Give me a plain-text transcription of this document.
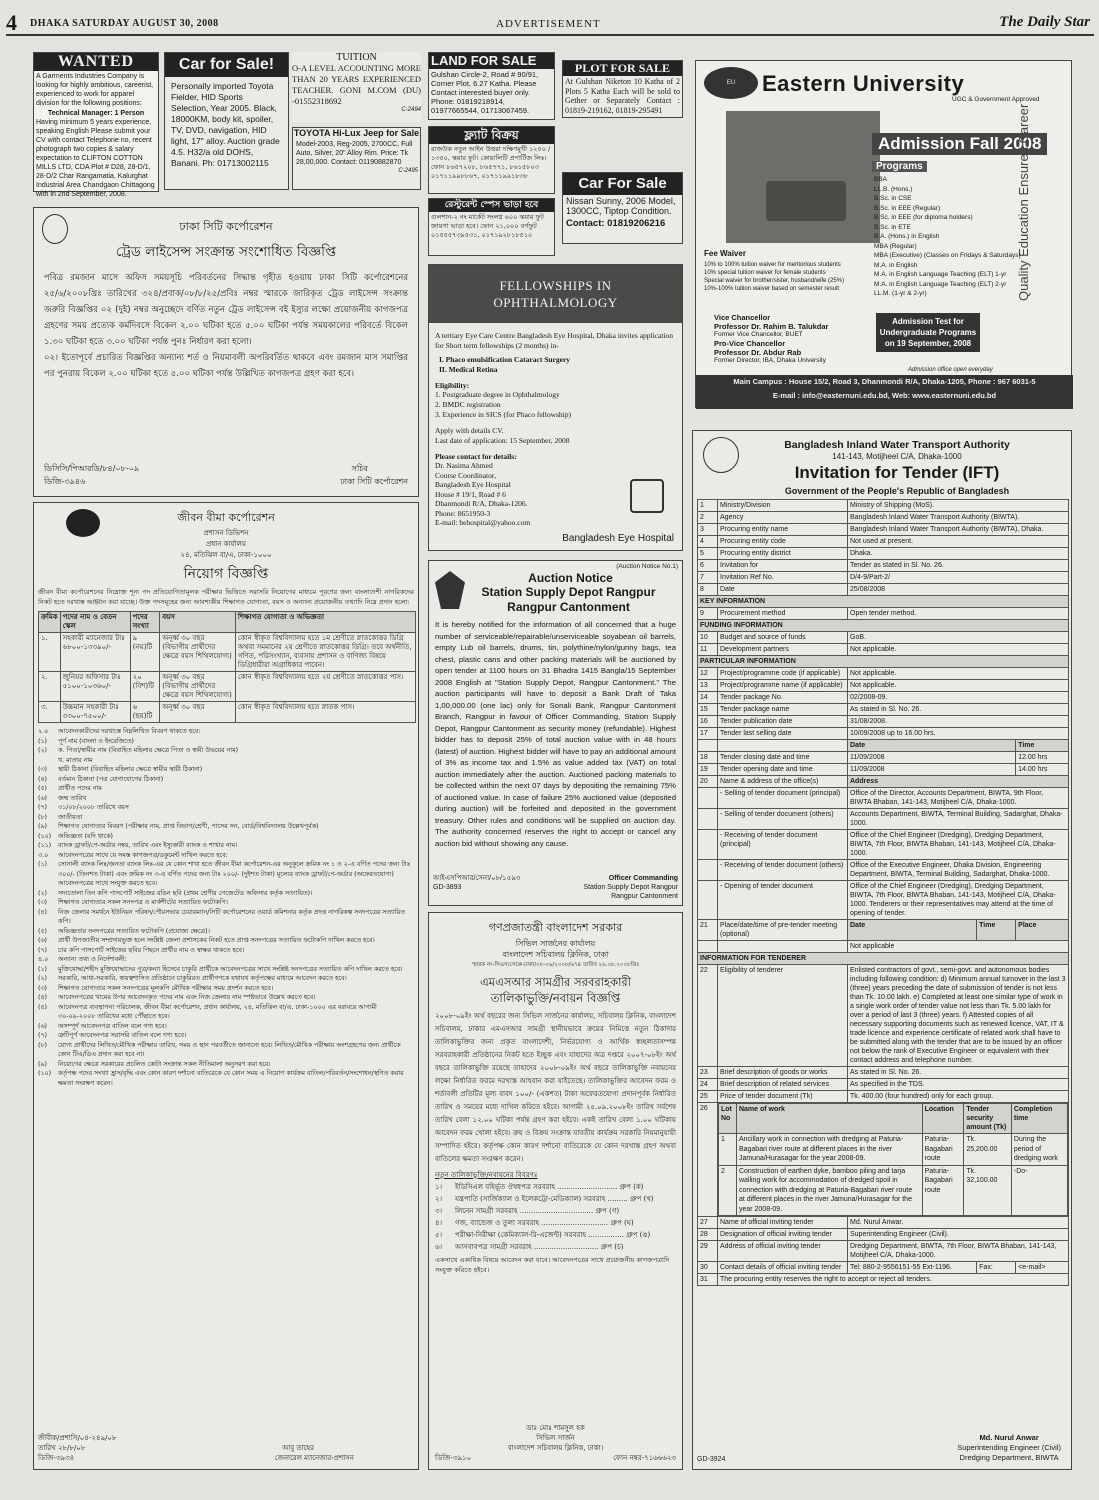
4 DHAKA SATURDAY AUGUST 30, 2008	ADVERTISEMENT	The Daily Star
WANTED
A Garments Industries Company is looking for highly ambitious, careerist, experienced to work for apparel division for the following positions:
Technical Manager: 1 Person
Having minimum 5 years experience, speaking English Please submit your CV with contact Telephone no, recent photograph two copies & salary expectation to CLIFTON COTTON MILLS LTD, CDA Plot # D28, 28-D/1, 28-D/2 Char Rangamatia, Kalurghat Industrial Area Chandgaon Chittagong with in 2nd September, 2008.
Car for Sale!
Personally imported Toyota Fielder, HID Sports Selection, Year 2005. Black, 18000KM, body kit, spoiler, TV, DVD, navigation, HID light, 17" alloy. Auction grade 4.5. H32/a old DOHS, Banani. Ph: 01713002115
TUITION
O-A LEVEL ACCOUNTING MORE THAN 20 YEARS EXPERIENCED TEACHER. GONI M.COM (DU) -01552318692
C-2494
TOYOTA Hi-Lux Jeep for Sale
Model-2003, Reg-2005, 2700CC, Full Auto, Silver, 20" Alloy Rim. Price: Tk 28,00,000. Contact: 01190882870
C-2495
LAND FOR SALE
Gulshan Circle-2, Road # 90/91, Corner Plot, 6.27 Katha. Please Contact interested buyer only. Phone: 01819218914, 01977665544, 01713067459.
PLOT FOR SALE
At Gulshan Niketon 10 Katha of 2 Plots 5 Katha Each will be sold to Gether or Separately Contact : 01819-219162, 01819-295491
ফ্ল্যাট বিক্রয়
রাজউক নতুন আইন উত্তরা দক্ষিণমুখী ১২৫০ / ১৩৫০, স্কয়ার ফুট। কোয়ালিটি প্রপার্টিজ লিঃ। ফোন ৮৬৫৭২০৮, ৮৬৫৭৭১, ৮৬১৫৮০৩ ০১৭১১৯৯৮৮৬৭, ০১৭১১৯৯১৮৩৮
রেস্টুরেন্ট স্পেস ভাড়া হবে
গুলশান-২ নং মার্কেট সংলগ্ন ৬০০ স্কয়ার ফুট জায়গা ভাড়া হবে। ফোন ২১,০০০ বর্গফুট ০১৫৫৫৭৩৯৫৩১, ০১৭১৯২৮১৮৫১০
Car For Sale
Nissan Sunny, 2006 Model, 1300CC, Tiptop Condition.
Contact: 01819206216
EU	Eastern University
UGC & Government Approved
Admission Fall 2008
Quality Education Ensured Career
Programs
BBA
LL.B. (Hons.)
B.Sc. in CSE
B.Sc. in EEE (Regular)
B.Sc. in EEE (for diploma holders)
B.Sc. in ETE
B.A. (Hons.) in English
MBA (Regular)
MBA (Executive) (Classes on Fridays & Saturdays)
M.A. in English
M.A. in English Language Teaching (ELT) 1-yr
M.A. in English Language Teaching (ELT) 2-yr
LL.M. (1-yr & 2-yr)
Fee Waiver
10% to 100% tuition waiver for meritorious students
10% special tuition waiver for female students
Special waiver for brother/sister, husband/wife (25%)
10%-100% tuition waiver based on semester result
Vice Chancellor
Professor Dr. Rahim B. Talukdar
Former Vice Chancellor, BUET
Pro-Vice Chancellor
Professor Dr. Abdur Rab
Former Director, IBA, Dhaka University
Admission Test for Undergraduate Programs on 19 September, 2008
Admission office open everyday
Main Campus : House 15/2, Road 3, Dhanmondi R/A, Dhaka-1205, Phone : 967 6031-5
E-mail : info@easternuni.edu.bd, Web: www.easternuni.edu.bd
ঢাকা সিটি কর্পোরেশন
ট্রেড লাইসেন্স সংক্রান্ত সংশোধিত বিজ্ঞপ্তি
পবিত্র রমজান মাসে অফিস সময়সূচি পরিবর্তনের সিদ্ধান্ত গৃহীত হওয়ায় ঢাকা সিটি কর্পোরেশনের ২৫/৬/২০০৮খ্রিঃ তারিখের ৩২৪/প্রবাক/০৮/৮/২৫/প্রবিঃ নম্বর স্মারকে জারিকৃত ট্রেড লাইসেন্স সংক্রান্ত জরুরি বিজ্ঞপ্তির ০২ (দুই) নম্বর অনুচ্ছেদে বর্ণিত নতুন ট্রেড লাইসেন্স বই ইস্যুর লক্ষ্যে প্রয়োজনীয় কাগজপত্র গ্রহণের সময় প্রত্যেক কর্মদিবসে বিকেল ২.০০ ঘটিকা হতে ৫.০০ ঘটিকা পর্যন্ত সময়কালের পরিবর্তে বিকেল ১.৩০ ঘটিকা হতে ৩.০০ ঘটিকা পর্যন্ত পুনঃ নির্ধারণ করা হলো।
০২। ইতোপূর্বে প্রচারিত বিজ্ঞপ্তির অন্যান্য শর্ত ও নিয়মাবলী অপরিবর্তিত থাকবে এবং রমজান মাস সমাপ্তির পর পুনরায় বিকেল ২.০০ ঘটিকা হতে ৫.০০ ঘটিকা পর্যন্ত উল্লিখিত কাগজপত্র গ্রহণ করা হবে।
ডিসিসি/পিআরডি/৮৪/০৮-০৯	সচিব
ডিজি-৩৯৪৬	ঢাকা সিটি কর্পোরেশন
জীবন বীমা কর্পোরেশন
প্রশাসন ডিভিশন
প্রধান কার্যালয়
২৪, মতিঝিল বা/এ, ঢাকা-১০০০
নিয়োগ বিজ্ঞপ্তি
জীবন বীমা কর্পোরেশনের নিম্নোক্ত শূন্য পদ প্রতিযোগিতামূলক পরীক্ষার ভিত্তিতে সরাসরি নিয়োগের মাধ্যমে পূরণের জন্য বাংলাদেশী নাগরিকদের নিকট হতে দরখাস্ত আহ্বান করা যাচ্ছে। উক্ত পদসমূহের জন্য আবশ্যকীয় শিক্ষাগত যোগ্যতা, বয়স ও অন্যান্য প্রয়োজনীয় তথ্যাদি নিম্নে প্রদান হলো:
ক্রমিক	পদের নাম ও বেতন স্কেল	পদের সংখ্যা	বয়স	শিক্ষাগত যোগ্যতা ও অভিজ্ঞতা
১.	সহকারী ম্যানেজার টাঃ ৬৮০০-১৩৩৯০/-	৯ (নয়)টি	অনূর্ধ্ব ৩০ বছর (বিভাগীয় প্রার্থীদের ক্ষেত্রে বয়স শিথিলযোগ্য)	কোন স্বীকৃত বিশ্ববিদ্যালয় হতে ১ম শ্রেণীতে স্নাতকোত্তর ডিগ্রি অথবা সমমানের ২য় শ্রেণীতে স্নাতকোত্তর ডিগ্রি। তবে অর্থনীতি, গণিত, পরিসংখ্যান, ব্যবসায় প্রশাসন ও বাণিজ্য বিষয়ে ডিগ্রিধারীরা অগ্রাধিকার পাবেন।
২.	জুনিয়র অফিসার টাঃ ৫১০০-১০৩৬০/-	২০ (বিশ)টি	অনূর্ধ্ব ৩০ বছর (বিভাগীয় প্রার্থীদের ক্ষেত্রে বয়স শিথিলযোগ্য)	কোন স্বীকৃত বিশ্ববিদ্যালয় হতে ২য় শ্রেণীতে স্নাতকোত্তর পাস।
৩.	উচ্চমান সহকারী টাঃ ৩৩০০-৭৫০০/-	৬ (ছয়)টি	অনূর্ধ্ব ৩০ বছর	কোন স্বীকৃত বিশ্ববিদ্যালয় হতে স্নাতক পাস।
২.০	আবেদনকারীদের দরখাস্তে নিম্নলিখিত বিবরণ থাকতে হবে:
(১)	পূর্ণ নাম (বাংলা ও ইংরেজিতে)
(২)	ক. পিতা/স্বামীর নাম (বিবাহিত মহিলার ক্ষেত্রে পিতা ও স্বামী উভয়ের নাম)
খ. মাতার নাম
(৩)	স্থায়ী ঠিকানা (বিবাহিত মহিলার ক্ষেত্রে স্বামীর স্থায়ী ঠিকানা)
(৪)	বর্তমান ঠিকানা (পত্র যোগাযোগের ঠিকানা)
(৫)	প্রার্থীত পদের নাম
(৬)	জন্ম তারিখ
(৭)	৩১/০৮/২০০৮ তারিখে বয়স
(৮)	জাতীয়তা
(৯)	শিক্ষাগত যোগ্যতার বিবরণ (পরীক্ষার নাম, প্রাপ্ত বিভাগ/শ্রেণী, পাসের সন, বোর্ড/বিশ্ববিদ্যালয় উল্লেখপূর্বক)
(১০)	অভিজ্ঞতা (যদি থাকে)
(১১)	ব্যাংক ড্রাফট/পে-অর্ডার নম্বর, তারিখ এবং ইস্যুকারী ব্যাংক ও শাখার নাম।
৩.০	আবেদনপত্রের সাথে যে সমস্ত কাগজপত্র/ডকুমেন্ট দাখিল করতে হবে:
(১)	সোনালী ব্যাংক লিঃ/জনতা ব্যাংক লিঃ-এর যে কোন শাখা হতে জীবন বীমা কর্পোরেশন-এর অনুকূলে ক্রমিক নং ১ ও ২-এ বর্ণিত পদের জন্য টাঃ ৩০০/- (তিনশত টাকা) এবং ক্রমিক নং ৩-এ বর্ণিত পদের জন্য টাঃ ২০০/- (দুইশত টাকা) মূল্যের ব্যাংক ড্রাফট/পে-অর্ডার (অফেরতযোগ্য) আবেদনপত্রের সাথে সংযুক্ত করতে হবে।
(২)	সদ্যতোলা তিন কপি পাসপোর্ট সাইজের রঙিন ছবি (প্রথম শ্রেণীর গেজেটেড অফিসার কর্তৃক সত্যায়িত)।
(৩)	শিক্ষাগত যোগ্যতার সকল সনদপত্র ও মার্কশীটের সত্যায়িত ফটোকপি।
(৪)	নিজ জেলার সমর্থনে ইউনিয়ন পরিষদ/পৌরসভার চেয়ারম্যান/সিটি কর্পোরেশনের ওয়ার্ড কমিশনার কর্তৃক প্রদত্ত নাগরিকত্ব সনদপত্রের সত্যায়িত কপি।
(৫)	অভিজ্ঞতার সনদপত্রের সত্যায়িত ফটোকপি (প্রযোজ্য ক্ষেত্রে)।
(৬)	প্রার্থী উপজাতীয় সম্প্রদায়ভুক্ত হলে সংশ্লিষ্ট জেলা প্রশাসকের নিকট হতে প্রাপ্ত সনদপত্রের সত্যায়িত ফটোকপি দাখিল করতে হবে।
(৭)	চার কপি পাসপোর্ট সাইজের ছবির পিছনে প্রার্থীর নাম ও স্বাক্ষর থাকতে হবে।
৪.০	অন্যান্য তথ্য ও নির্দেশাবলী:
(১)	মুক্তিযোদ্ধা/শহীদ মুক্তিযোদ্ধাদের পুত্র/কন্যা হিসেবে চাকুরি প্রার্থীকে আবেদনপত্রের সাথে সংশ্লিষ্ট সনদপত্রের সত্যায়িত কপি দাখিল করতে হবে।
(২)	সরকারি, আধা-সরকারি, স্বায়ত্বশাসিত প্রতিষ্ঠানে চাকুরিরত প্রার্থীগণকে যথাযথ কর্তৃপক্ষের মাধ্যমে আবেদন করতে হবে।
(৩)	শিক্ষাগত যোগ্যতার সকল সনদপত্রের মূলকপি মৌখিক পরীক্ষার সময় প্রদর্শন করতে হবে।
(৪)	আবেদনপত্রের খামের উপর আবেদনকৃত পদের নাম এবং নিজ জেলার নাম স্পষ্টভাবে উল্লেখ করতে হবে।
(৫)	আবেদনপত্র ব্যবস্থাপনা পরিচালক, জীবন বীমা কর্পোরেশন, প্রধান কার্যালয়, ২৪, মতিঝিল বা/এ, ঢাকা-১০০০ এর বরাবরে আগামী ৩০-০৯-২০০৮ তারিখের মধ্যে পৌঁছাতে হবে।
(৬)	অসম্পূর্ণ আবেদনপত্র বাতিল বলে গণ্য হবে।
(৭)	ত্রুটিপূর্ণ আবেদনপত্র সরাসরি বাতিল বলে গণ্য হবে।
(৮)	যোগ্য প্রার্থীদের লিখিত/মৌখিক পরীক্ষার তারিখ, সময় ও স্থান পরবর্তীতে জানানো হবে। লিখিত/মৌখিক পরীক্ষায় অংশগ্রহণের জন্য প্রার্থীকে কোন টিএ/ডিএ প্রদান করা হবে না।
(৯)	নিয়োগের ক্ষেত্রে সরকারের প্রচলিত কোটা সংক্রান্ত সকল নীতিমালা অনুসরণ করা হবে।
(১০)	কর্তৃপক্ষ পদের সংখ্যা হ্রাস/বৃদ্ধি এবং কোন কারণ দর্শানো ব্যতিরেকে যে কোন সময় এ নিয়োগ কার্যক্রম বাতিল/পরিবর্তন/সংশোধন/স্থগিত করার ক্ষমতা সংরক্ষণ করেন।
জীবীক/প্রশাসি/০৪-২৪৯/০৮
তারিখ ২৮/৮/০৮	আবু তাহের
ডিজি-৩৯৩৪	জেনারেল ম্যানেজার-প্রশাসন
FELLOWSHIPS IN OPHTHALMOLOGY
A tertiary Eye Care Centre Bangladesh Eye Hospital, Dhaka invites application for Short term fellowships (2 months) in-
I. Phaco emulsification Cataract Surgery
II. Medical Retina
Eligibility:
1. Postgraduate degree in Ophthalmology
2. BMDC registration
3. Experience in SICS (for Phaco fellowship)
Apply with details CV.
Last date of application: 15 September, 2008
Please contact for details:
Dr. Nasima Ahmed
Course Coordinator,
Bangladesh Eye Hospital
House # 19/1, Road # 6
Dhanmondi R/A, Dhaka-1206.
Phone: 8651950-3
E-mail: behospital@yahoo.com
Bangladesh Eye Hospital
(Auction Notice No.1)
Auction Notice
Station Supply Depot Rangpur Rangpur Cantonment
It is hereby notified for the information of all concerned that a huge number of serviceable/repairable/unserviceable soyabean oil barrels, empty Lub oil barrels, drums, tin, polythine/nylon/gunny bags, tea chest, plastic cans and other packing materials will be auctioned by open tender at 1100 hours on 31 Bhadra 1415 Bangla/15 September 2008 English at "Station Supply Depot, Rangpur Cantonment." The auction participants will have to deposit a Bank Draft of Taka 1,00,000.00 (one lac) only for Sonali Bank, Rangpur Cantonment Branch, Rangpur in favour of Officer Commanding, Station Supply Depot, Rangpur Cantonment as security money (refundable). Highest bidder has to deposit 25% of total auction value with in 48 hours (latest) of auction. Highest bidder will have to pay an additional amount of 3% as income tax and 1.5% as value added tax (VAT) on total auction immediately after the auction. Auctioned packing materials to be collected within the next 07 days by depositing the remaining 75% of auctioned value. In case of failure 25% auctioned value (deposited during auction) will be forfeited and deposited in the government treasury. Other rules and conditions will be supplied on auction day. The authority concerned reserves the right to accept or cancel any auction bid without showing any cause.
আইএসপিআর/সেনা/০৮/১৫৯৩	Officer Commanding
GD-3893	Station Supply Depot Rangpur
Rangpur Cantonment
গণপ্রজাতন্ত্রী বাংলাদেশ সরকার
সিভিল সার্জনের কার্যালয়
বাংলাদেশ সচিবালয় ক্লিনিক, ঢাকা
স্মারক নং-সিএস/সেক্রে-ঢাকা/০৮-০৯/২০০৮/৬৭৪ তারিখ ২৬.০৮.২০০৮খ্রিঃ
এমএসআর সামগ্রীর সরবরাহকারী
তালিকাভুক্তি/নবায়ন বিজ্ঞপ্তি
২০০৮-০৯ইং অর্থ বছরের জন্য সিভিল সার্জনের কার্যালয়, সচিবালয় ক্লিনিক, বাংলাদেশ সচিবালয়, ঢাকার এমএসআর সামগ্রী স্থানীয়ভাবে ক্রয়ের নিমিত্তে নতুন ঠিকাদার তালিকাভুক্তির জন্য প্রকৃত বাংলাদেশী, নির্ভরযোগ্য ও আর্থিক স্বচ্ছলতাসম্পন্ন সরবরাহকারী প্রতিষ্ঠানের নিকট হতে ইচ্ছুক এবং যাহাদের অত্র দপ্তরে ২০০৭-০৮ইং অর্থ বছরে তালিকাভুক্তি রয়েছে তাহাদের ২০০৮-০৯ইং অর্থ বছরে তালিকাভুক্তি নবায়নের লক্ষ্যে নির্ধারিত ফরমে দরখাস্ত আহবান করা যাইতেছে। তালিকাভুক্তির আবেদন ফরম ও শর্তাবলী প্রতিটির মূল্য বাবদ ১০০/- (একশত) টাকা অফেরতযোগ্য প্রদানপূর্বক নির্ধারিত তারিখ ও সময়ের মধ্যে দাখিল করিতে হইবে। আগামী ২৫.০৯.২০০৮ইং তারিখ সর্বশেষ তারিখ বেলা ১২.০০ ঘটিকা পর্যন্ত গ্রহণ করা হইবে। একই তারিখ বেলা ১.০০ ঘটিকায় আবেদন ফরম খোলা হইবে। ক্রয় ও বিক্রয় সংক্রান্ত যাবতীয় কার্যক্রম সরকারি নিয়মানুযায়ী সম্পাদিত হইবে। কর্তৃপক্ষ কোন কারণ দর্শানো ব্যতিরেকে যে কোন দরখাস্ত গ্রহণ অথবা বাতিলের ক্ষমতা সংরক্ষণ করেন।
নতুন তালিকাভুক্তি/নবায়নের বিবরণঃ
১।	ইডিসিএল বহির্ভূত ঔষধপত্র সরবরাহ ........................... গ্রুপ (ক)
২।	যন্ত্রপাতি (সার্জিক্যাল ও ইলেকট্রো-মেডিক্যাল) সরবরাহ ......... গ্রুপ (খ)
৩।	লিনেন সামগ্রী সরবরাহ ................................. গ্রুপ (গ)
৪।	গজ, ব্যান্ডেজ ও তুলা সরবরাহ .............................. গ্রুপ (ঘ)
৫।	পরীক্ষা-নিরীক্ষা (কেমিক্যাল-রি-এজেন্ট) সরবরাহ ................ গ্রুপ (ঙ)
৬।	আসবাবপত্র সামগ্রী সরবরাহ ............................. গ্রুপ (চ)
একসাথে একাধিক বিষয়ে আবেদন করা যাবে। আবেদনপত্রের সাথে প্রয়োজনীয় কাগজপত্রাদি সংযুক্ত করিতে হইবে।
ডাঃ মোঃ শামসুল হক
সিভিল সার্জন
বাংলাদেশ সচিবালয় ক্লিনিক, ঢাকা।
ডিজি-৩৯১০	ফোন নম্বর-৭১৬৬৬২৩
Bangladesh Inland Water Transport Authority
141-143, Motijheel C/A, Dhaka-1000
Invitation for Tender (IFT)
Government of the People's Republic of Bangladesh
1	Ministry/Division	Ministry of Shipping (MoS).
2	Agency	Bangladesh Inland Water Transport Authority (BIWTA).
3	Procuring entity name	Bangladesh Inland Water Transport Authority (BIWTA), Dhaka.
4	Procuring entity code	Not used at present.
5	Procuring entity district	Dhaka.
6	Invitation for	Tender as stated in Sl. No. 26.
7	Invitation Ref No.	D/4-9/Part-2/
8	Date	25/08/2008
KEY INFORMATION
9	Procurement method	Open tender method.
FUNDING INFORMATION
10	Budget and source of funds	GoB.
11	Development partners	Not applicable.
PARTICULAR INFORMATION
12	Project/programme code (if applicable)	Not applicable.
13	Project/programme name (if applicable)	Not applicable.
14	Tender package No.	02/2008-09.
15	Tender package name	As stated in Sl. No. 26.
16	Tender publication date	31/08/2008.
17	Tender last selling date	10/09/2008 up to 16.00 hrs.
		Date	Time
18	Tender closing date and time	11/09/2008	12.00 hrs
19	Tender opening date and time	11/09/2008	14.00 hrs
20	Name & address of the office(s)	Address
	- Selling of tender document (principal)	Office of the Director, Accounts Department, BIWTA, 9th Floor, BIWTA Bhaban, 141-143, Motijheel C/A, Dhaka-1000.
	- Selling of tender document (others)	Accounts Department, BIWTA, Terminal Building, Sadarghat, Dhaka-1000.
	- Receiving of tender document (principal)	Office of the Chief Engineer (Dredging), Dredging Department, BIWTA, 7th Floor, BIWTA Bhaban, 141-143, Motijheel C/A, Dhaka-1000.
	- Receiving of tender document (others)	Office of the Executive Engineer, Dhaka Division, Engineering Department, BIWTA, Terminal Building, Sadarghat, Dhaka-1000.
	- Opening of tender document	Office of the Chief Engineer (Dredging), Dredging Department, BIWTA, 7th Floor, BIWTA Bhaban, 141-143, Motijheel C/A, Dhaka-1000. Tenderers or their representatives may attend at the time of opening of tender.
21	Place/date/time of pre-tender meeting (optional)	Date	Time	Place
		Not applicable
INFORMATION FOR TENDERER
22	Eligibility of tenderer	Enlisted contractors of govt., semi-govt. and autonomous bodies including following condition: d) Minimum annual turnover in the last 3 (three) years preceding the date of submission of tender is not less than Tk. 10.00 lakh. e) Completed at least one similar type of work in a single work order of tender value not less than Tk. 5.00 lakh for over a period of last 3 (three) years. f) Attested copies of all necessary supporting documents such as renewed licence, VAT, IT & trade licence and experience certificate of related work shall have to be submitted along with the tender that are to be issued by an officer not below the rank of Executive Engineer or equivalent with their contact address and telephone number.
23	Brief description of goods or works	As stated in Sl. No. 26.
24	Brief description of related services	As specified in the TDS.
25	Price of tender document (Tk)	Tk. 400.00 (four hundred) only for each group.
26	Lot No	Name of work	Location	Tender security amount (Tk)	Completion time
1	Ancillary work in connection with dredging at Paturia-Bagabari river route at different places in the river Jamuna/Hurasagar for the year 2008-09.	Paturia-Bagabari route	Tk. 25,200.00	During the period of dredging work
2	Construction of earthen dyke, bamboo piling and tarja walling work for accommodation of dredged spoil in connection with dredging at Paturia-Bagabari river route at different places in the river Jamuna/Hurasagar for the year 2008-09.	Paturia-Bagabari route	Tk. 32,100.00	-Do-

27	Name of official inviting tender	Md. Nurul Anwar.
28	Designation of official inviting tender	Superintending Engineer (Civil).
29	Address of official inviting tender	Dredging Department, BIWTA, 7th Floor, BIWTA Bhaban, 141-143, Motijheel C/A, Dhaka-1000.
30	Contact details of official inviting tender	Tel: 880-2-9556151-55 Ext-1196.	Fax:	<e-mail>
31	The procuring entity reserves the right to accept or reject all tenders.
Md. Nurul Anwar
Superintending Engineer (Civil)
Dredging Department, BIWTA
GD-3924
